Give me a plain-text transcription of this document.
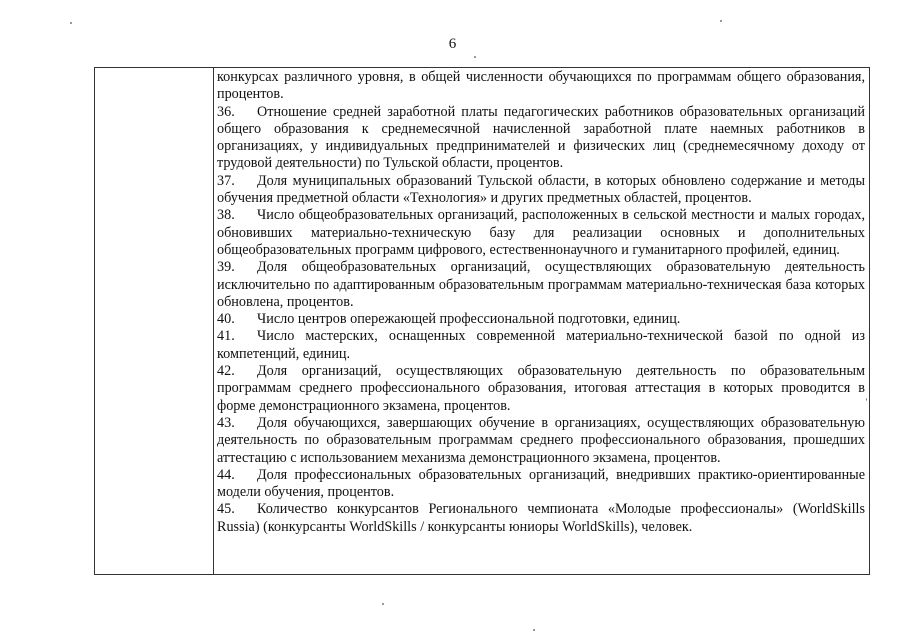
6

конкурсах различного уровня, в общей численности обучающихся по программам общего образования, процентов.

36. Отношение средней заработной платы педагогических работников образовательных организаций общего образования к среднемесячной начисленной заработной плате наемных работников в организациях, у индивидуальных предпринимателей и физических лиц (среднемесячному доходу от трудовой деятельности) по Тульской области, процентов.

37. Доля муниципальных образований Тульской области, в которых обновлено содержание и методы обучения предметной области «Технология» и других предметных областей, процентов.

38. Число общеобразовательных организаций, расположенных в сельской местности и малых городах, обновивших материально-техническую базу для реализации основных и дополнительных общеобразовательных программ цифрового, естественнонаучного и гуманитарного профилей, единиц.

39. Доля общеобразовательных организаций, осуществляющих образовательную деятельность исключительно по адаптированным образовательным программам материально-техническая база которых обновлена, процентов.

40. Число центров опережающей профессиональной подготовки, единиц.

41. Число мастерских, оснащенных современной материально-технической базой по одной из компетенций, единиц.

42. Доля организаций, осуществляющих образовательную деятельность по образовательным программам среднего профессионального образования, итоговая аттестация в которых проводится в форме демонстрационного экзамена, процентов.

43. Доля обучающихся, завершающих обучение в организациях, осуществляющих образовательную деятельность по образовательным программам среднего профессионального образования, прошедших аттестацию с использованием механизма демонстрационного экзамена, процентов.

44. Доля профессиональных образовательных организаций, внедривших практико-ориентированные модели обучения, процентов.

45. Количество конкурсантов Регионального чемпионата «Молодые профессионалы» (WorldSkills Russia) (конкурсанты WorldSkills / конкурсанты юниоры WorldSkills), человек.
